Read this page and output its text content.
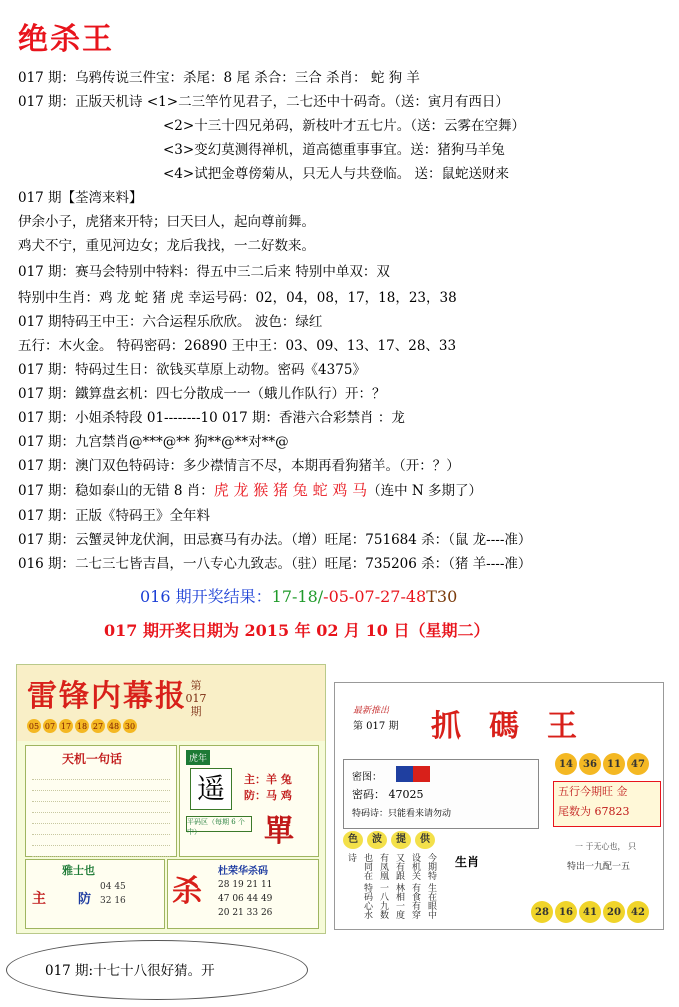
绝杀王
017 期：乌鸦传说三件宝：杀尾：8 尾 杀合：三合 杀肖： 蛇 狗 羊
017 期：正版天机诗 <1>二三竿竹见君子，二七还中十码奇。（送：寅月有西日）
<2>十三十四兄弟码，新枝叶才五七片。（送：云雾在空舞）
<3>变幻莫测得禅机，道高德重事事宜。送：猪狗马羊兔
<4>试把金尊傍菊从，只无人与共登临。 送：鼠蛇送财来
017 期【荃湾来料】
伊余小子，虎猪来开特；曰天曰人，起向尊前舞。
鸡犬不宁，重见河边女；龙后我找，一二好数来。
017 期：赛马会特别中特料：得五中三二后来 特别中单双：双
特别中生肖：鸡 龙 蛇 猪 虎 幸运号码：02，04，08，17，18，23，38
017 期特码王中王：六合运程乐欣欣。 波色：绿红
五行：木火金。 特码密码：26890 王中王：03、09、13、17、28、33
017 期：特码过生日：欲钱买草原上动物。密码《4375》
017 期：鐵算盘玄机：四七分散成一一（蛾儿作队行）开：？
017 期：小姐杀特段 01--------10 017 期：香港六合彩禁肖 ：龙
017 期：九宫禁肖@***@** 狗**@**对**@
017 期：澳门双色特码诗：多少襟情言不尽，本期再看狗猪羊。（开：？）
017 期：稳如泰山的无错 8 肖：虎 龙 猴 猪 兔 蛇 鸡 马（连中 N 多期了）
017 期：正版《特码王》全年料
017 期：云蟹灵钟龙伏涧，田忌赛马有办法。（增）旺尾：751684 杀：（鼠 龙----准）
016 期：二七三七皆吉昌，一八专心九致志。（驻）旺尾：735206 杀：（猪 羊----准）
016 期开奖结果：17-18/-05-07-27-48T30
017 期开奖日期为 2015 年 02 月 10 日（星期二）
雷锋内幕报 第 017 期
05 07 17 18 27 48 30
天机一句话	虎年
遥	主：羊 兔
防：马 鸡
單
平码区（每期 6 个中）
雅士也
主 防
04 45
32 16 杀
杜荣华杀码
28 19 21 11
47 06 44 49
20 21 33 26
最新推出
第 017 期 抓碼王
密图：
密码： 47025
特码诗：只能看来请勿动
色	波	提	供
今期特 生在眼中设机关 有食有穿又有跟 林相一度有凤凰 一八九数也同在 特码心水诗	生肖
14	36	11	47
五行今期旺 金
尾数为 67823
一 于无心也， 只
特出一九配一五
28	16	41	20	42
017 期:十七十八很好猜。开
